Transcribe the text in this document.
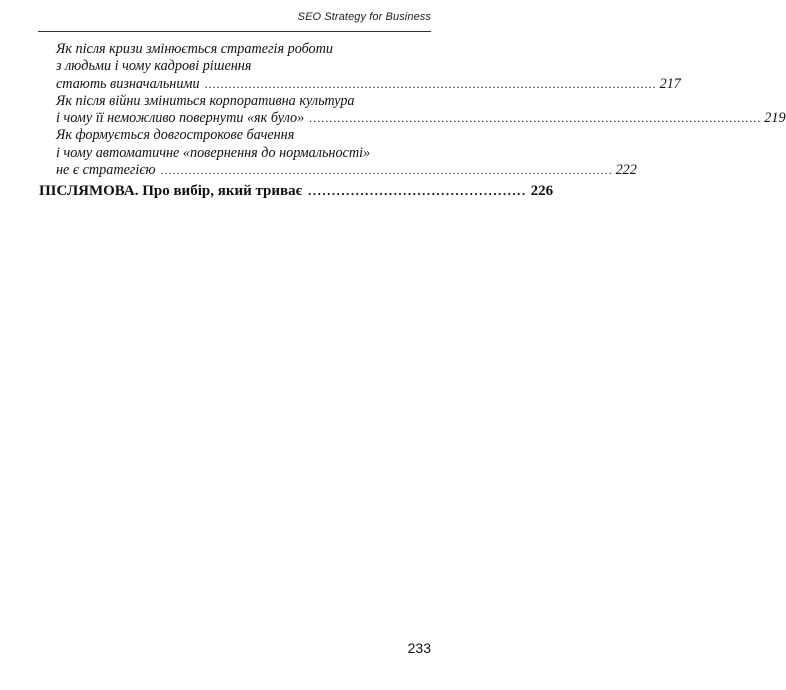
SEO Strategy for Business
Як після кризи змінюється стратегія роботи
з людьми і чому кадрові рішення
стають визначальними ................................................................................................................. 217
Як після війни зміниться корпоративна культура
і чому її неможливо повернути «як було» ................................................................................................................. 219
Як формується довгострокове бачення
і чому автоматичне «повернення до нормальності»
не є стратегією ................................................................................................................. 222
ПІСЛЯМОВА. Про вибір, який триває .............................................. 226
233
